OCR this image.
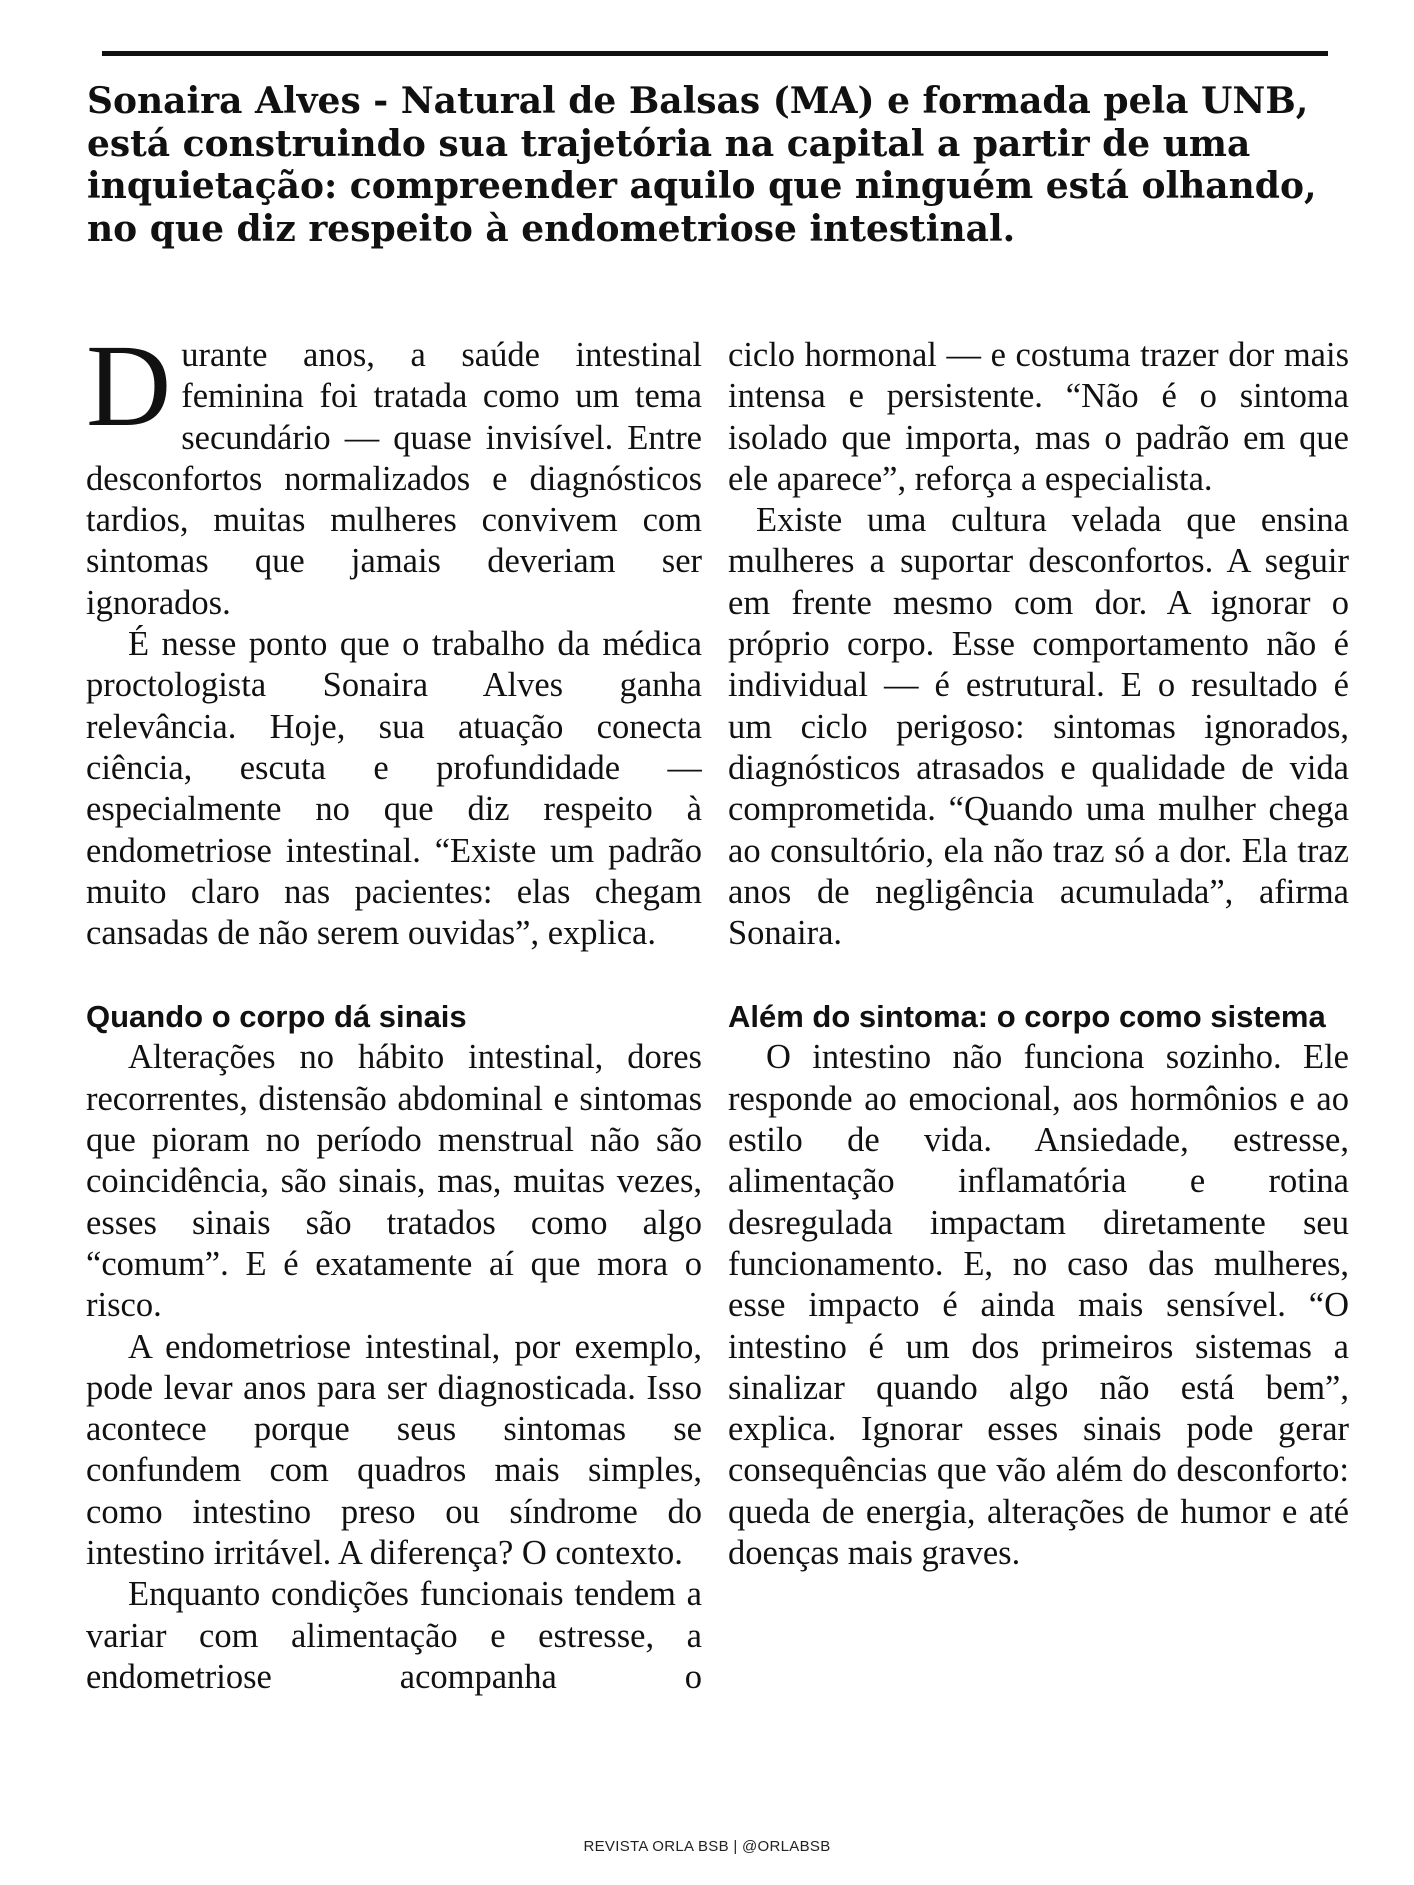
Sonaira Alves - Natural de Balsas (MA) e formada pela UNB, está construindo sua trajetória na capital a partir de uma inquietação: compreender aquilo que ninguém está olhando, no que diz respeito à endometriose intestinal.

Durante anos, a saúde intestinal feminina foi tratada como um tema secundário — quase invisível. Entre desconfortos normalizados e diagnósticos tardios, muitas mulheres convivem com sintomas que jamais deveriam ser ignorados.

É nesse ponto que o trabalho da médica proctologista Sonaira Alves ganha relevância. Hoje, sua atuação conecta ciência, escuta e profundidade — especialmente no que diz respeito à endometriose intestinal. “Existe um padrão muito claro nas pacientes: elas chegam cansadas de não serem ouvidas”, explica.

Quando o corpo dá sinais

Alterações no hábito intestinal, dores recorrentes, distensão abdominal e sintomas que pioram no período menstrual não são coincidência, são sinais, mas, muitas vezes, esses sinais são tratados como algo “comum”. E é exatamente aí que mora o risco.

A endometriose intestinal, por exemplo, pode levar anos para ser diagnosticada. Isso acontece porque seus sintomas se confundem com quadros mais simples, como intestino preso ou síndrome do intestino irritável. A diferença? O contexto.

Enquanto condições funcionais tendem a variar com alimentação e estresse, a endometriose acompanha o

ciclo hormonal — e costuma trazer dor mais intensa e persistente. “Não é o sintoma isolado que importa, mas o padrão em que ele aparece”, reforça a especialista.

Existe uma cultura velada que ensina mulheres a suportar desconfortos. A seguir em frente mesmo com dor. A ignorar o próprio corpo. Esse comportamento não é individual — é estrutural. E o resultado é um ciclo perigoso: sintomas ignorados, diagnósticos atrasados e qualidade de vida comprometida. “Quando uma mulher chega ao consultório, ela não traz só a dor. Ela traz anos de negligência acumulada”, afirma Sonaira.

Além do sintoma: o corpo como sistema

O intestino não funciona sozinho. Ele responde ao emocional, aos hormônios e ao estilo de vida. Ansiedade, estresse, alimentação inflamatória e rotina desregulada impactam diretamente seu funcionamento. E, no caso das mulheres, esse impacto é ainda mais sensível. “O intestino é um dos primeiros sistemas a sinalizar quando algo não está bem”, explica. Ignorar esses sinais pode gerar consequências que vão além do desconforto: queda de energia, alterações de humor e até doenças mais graves.

REVISTA ORLA BSB | @ORLABSB
